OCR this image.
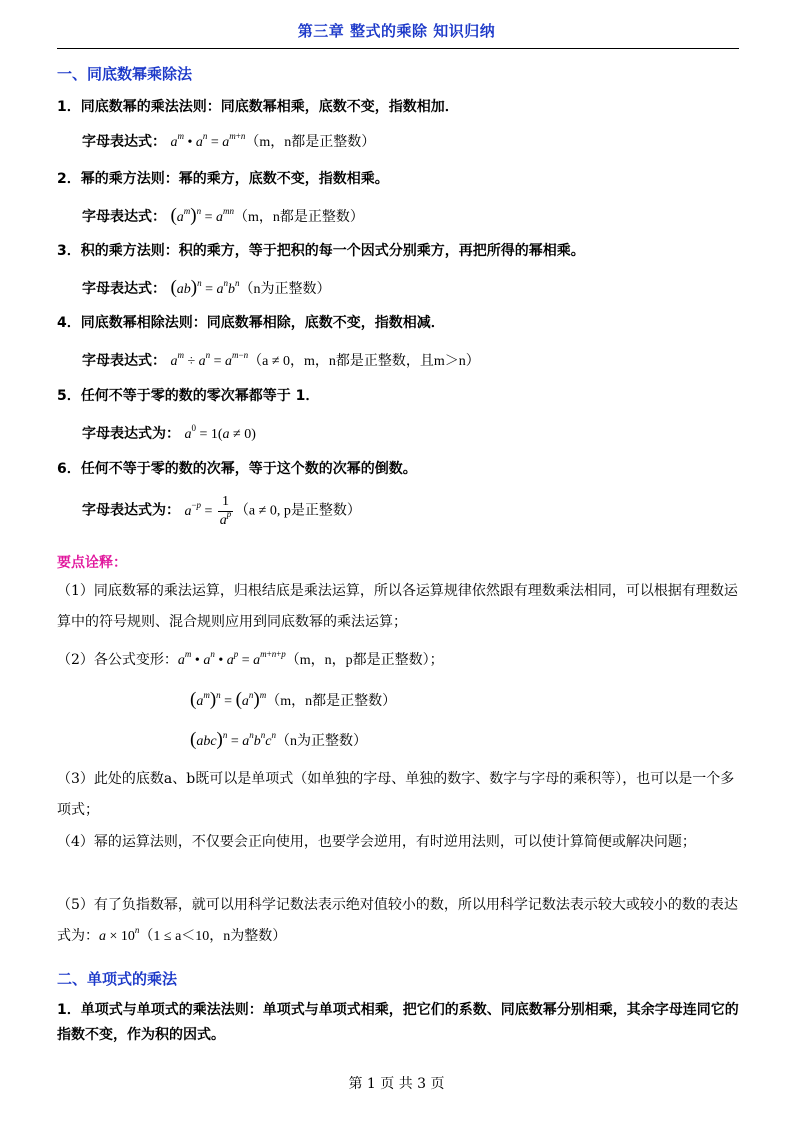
第三章 整式的乘除 知识归纳
一、同底数幂乘除法
1．同底数幂的乘法法则：同底数幂相乘，底数不变，指数相加．
字母表达式： $a^m$ • $a^n = a^{m+n}(m$，n都是正整数）
2．幂的乘方法则：幂的乘方，底数不变，指数相乘。
字母表达式： $(a^m)^n = a^{mn}(m$，n都是正整数）
3．积的乘方法则：积的乘方，等于把积的每一个因式分别乘方，再把所得的幂相乘。
字母表达式： $(ab)^n = a^nb^n(n$为正整数）
4．同底数幂相除法则：同底数幂相除，底数不变，指数相减．
字母表达式： $a^m \div a^n = a^{m-n}(a \ne 0$，m，n都是正整数，且m＞n）
5．任何不等于零的数的零次幂都等于 1．
字母表达式为： $a^0 = 1(a \ne 0)$
6．任何不等于零的数的次幂，等于这个数的次幂的倒数。
字母表达式为： $a^{-p} = \frac{1}{a^p} (a \ne 0$, p是正整数）
要点诠释：
（1）同底数幂的乘法运算，归根结底是乘法运算，所以各运算规律依然跟有理数乘法相同，可以根据有理数运算中的符号规则、混合规则应用到同底数幂的乘法运算；
（2）各公式变形：$a^m$ • $a^n$ • $a^p = a^{m+n+p}(m$，n，p都是正整数）；
$(a^m)^n = (a^n)^m(m$，n都是正整数）
$(abc)^n = a^nb^nc^n(n$为正整数）
（3）此处的底数a、b既可以是单项式（如单独的字母、单独的数字、数字与字母的乘积等），也可以是一个多项式；
（4）幂的运算法则，不仅要会正向使用，也要学会逆用，有时逆用法则，可以使计算简便或解决问题；
（5）有了负指数幂，就可以用科学记数法表示绝对值较小的数，所以用科学记数法表示较大或较小的数的表达式为：$a \times 10^n(1 \le a<10$，n为整数）
二、单项式的乘法
1．单项式与单项式的乘法法则：单项式与单项式相乘，把它们的系数、同底数幂分别相乘，其余字母连同它的指数不变，作为积的因式。
第 1 页 共 3 页
